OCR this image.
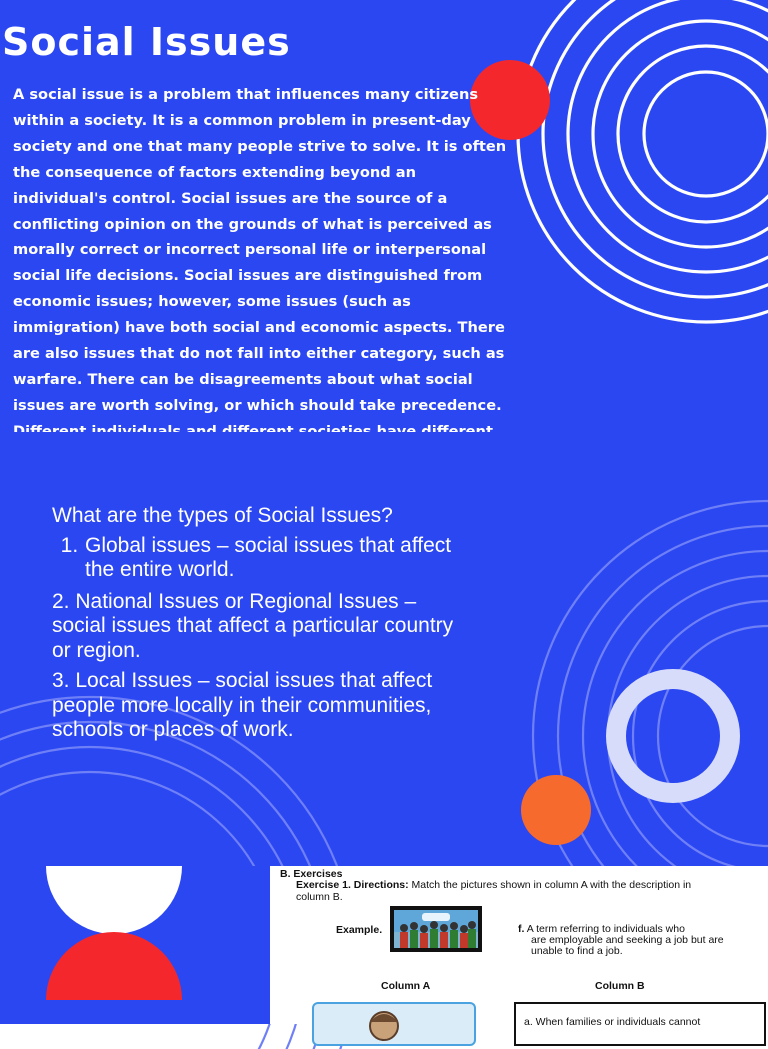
Social Issues

A social issue is a problem that influences many citizens within a society. It is a common problem in present-day society and one that many people strive to solve. It is often the consequence of factors extending beyond an individual's control. Social issues are the source of a conflicting opinion on the grounds of what is perceived as morally correct or incorrect personal life or interpersonal social life decisions. Social issues are distinguished from economic issues; however, some issues (such as immigration) have both social and economic aspects. There are also issues that do not fall into either category, such as warfare. There can be disagreements about what social issues are worth solving, or which should take precedence.

What are the types of Social Issues?

1. Global issues – social issues that affect the entire world.

2. National Issues or Regional Issues – social issues that affect a particular country or region.

3. Local Issues – social issues that affect people more locally in their communities, schools or places of work.

B. Exercises

Exercise 1. Directions: Match the pictures shown in column A with the description in

column B.

Example.	f. A term referring to individuals who

are employable and seeking a job but are

unable to find a job.

Column A	Column B

a. When families or individuals cannot
